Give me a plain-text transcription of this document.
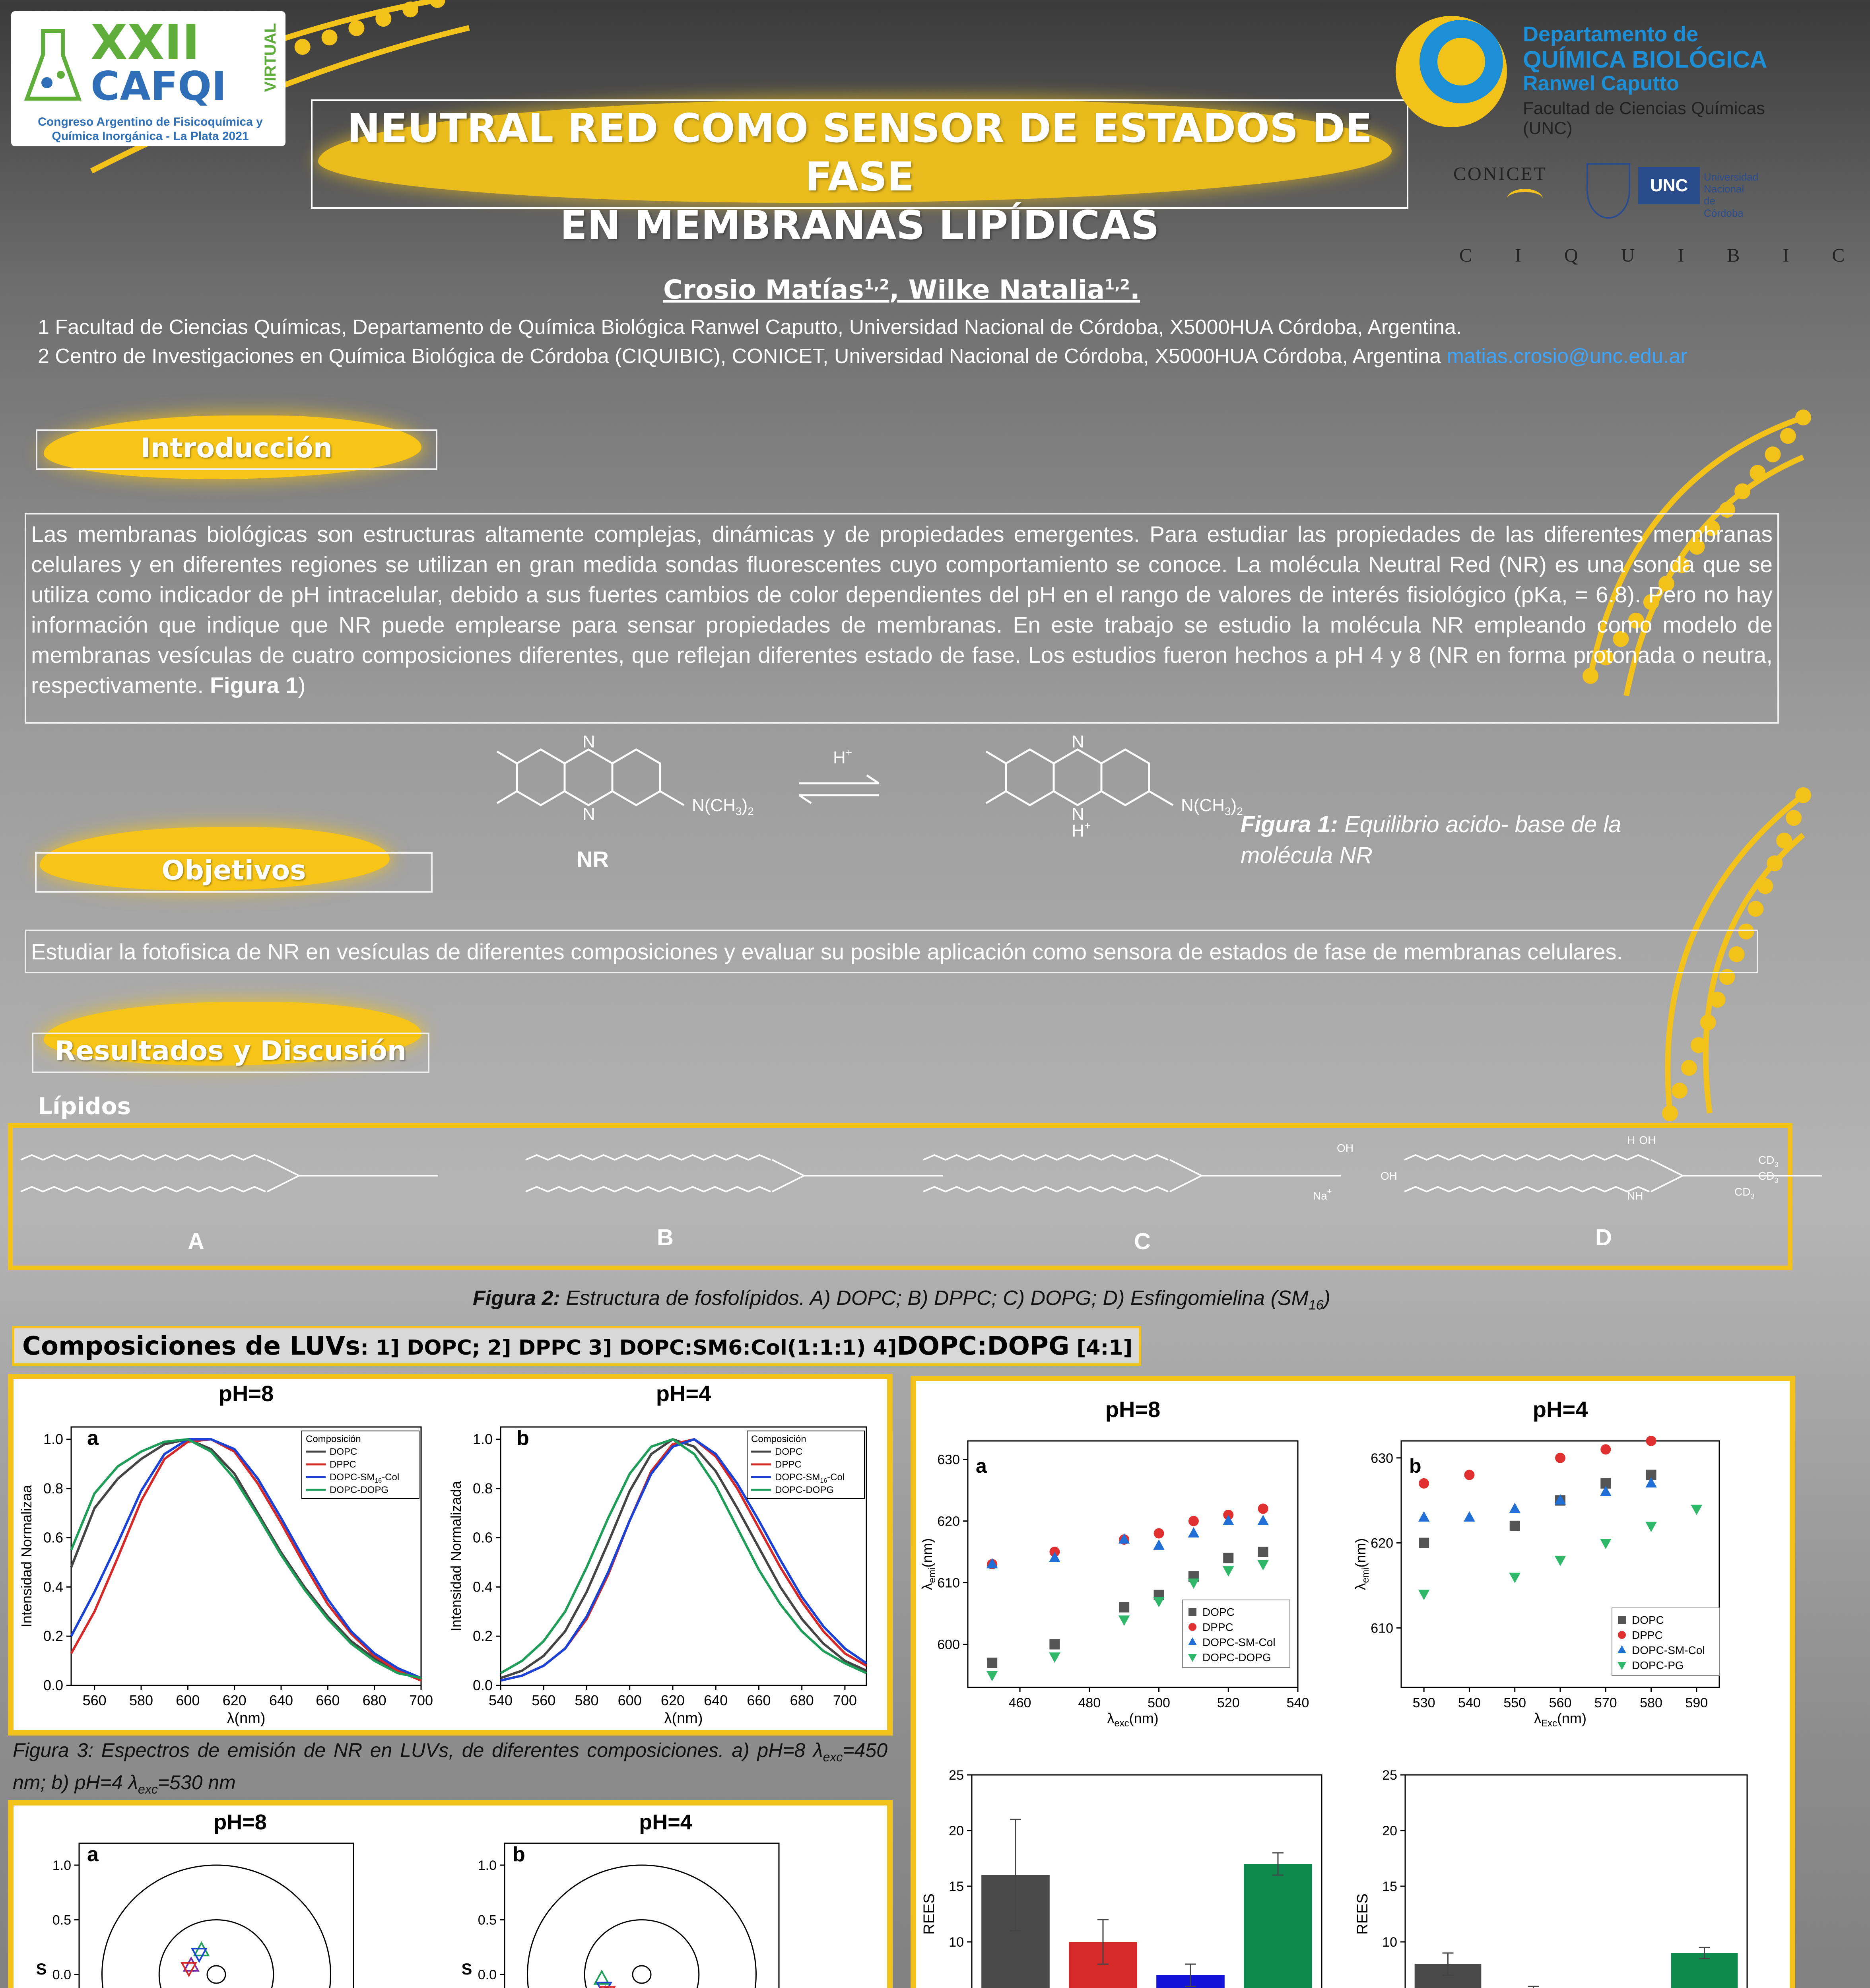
XXII
CAFQI VIRTUAL
Congreso Argentino de Fisicoquímica y
Química Inorgánica - La Plata 2021	NEUTRAL RED COMO SENSOR DE ESTADOS DE FASE
EN MEMBRANAS LIPÍDICAS
Departamento de
QUÍMICA BIOLÓGICA
Ranwel Caputto
Facultad de Ciencias Químicas (UNC)
CONICET
UNC	Universidad
Nacional
de Córdoba
C  I  Q  U  I  B  I  C
Crosio Matías$^{1,2}$, Wilke Natalia$^{1,2}$.
1 Facultad de Ciencias Químicas, Departamento de Química Biológica Ranwel Caputto, Universidad Nacional de Córdoba, X5000HUA Córdoba, Argentina.
2 Centro de Investigaciones en Química Biológica de Córdoba (CIQUIBIC), CONICET, Universidad Nacional de Córdoba, X5000HUA Córdoba, Argentina matias.crosio@unc.edu.ar
Introducción
Las membranas biológicas son estructuras altamente complejas, dinámicas y de propiedades emergentes. Para estudiar las propiedades de las diferentes membranas celulares y en diferentes regiones se utilizan en gran medida sondas fluorescentes cuyo comportamiento se conoce. La molécula Neutral Red (NR) es una sonda que se utiliza como indicador de pH intracelular, debido a sus fuertes cambios de color dependientes del pH en el rango de valores de interés fisiológico (pKa, = 6.8). Pero no hay información que indique que NR puede emplearse para sensar propiedades de membranas. En este trabajo se estudio la molécula NR empleando como modelo de membranas vesículas de cuatro composiciones diferentes, que reflejan diferentes estado de fase. Los estudios fueron hechos a pH 4 y 8 (NR en forma protonada o neutra, respectivamente. Figura 1)
N
N	$N(CH_3)_2$
H+
N
N
H+
$N(CH_3)_2$
NR
Figura 1: Equilibrio acido- base de la molécula NR
Objetivos
Estudiar la fotofisica de NR en vesículas de diferentes composiciones y evaluar su posible aplicación como sensora de estados de fase de membranas celulares.
Resultados y Discusión
Lípidos
A	B	C	D
Na+
OH
OH
H OH
NH
$CD_3$
$CD_3$
$CD_3$
Figura 2: Estructura de fosfolípidos. A) DOPC; B) DPPC; C) DOPG; D) Esfingomielina $(SM_{16})$
Composiciones de LUVs: 1] DOPC; 2] DPPC 3] DOPC:SM6:Col(1:1:1) 4]DOPC:DOPG [4:1]
560 580 600 620 640 660 680 700
0.0
0.2
0.4
0.6
0.8
1.0
pH=8
a
λ(nm)
Intensidad Normalizaa
Composición
DOPC
DPPC
DOPC-$SM_{16}$-Col
DOPC-DOPG
540 560 580 600 620 640 660 680 700
0.0
0.2
0.4
0.6
0.8
1.0
pH=4
b
λ(nm)
Intensidad Normalizada
Composición
DOPC
DPPC
DOPC-$SM_{16}$-Col
DOPC-DOPG
Figura 3: Espectros de emisión de NR en LUVs, de diferentes composiciones. a) pH=8 $\lambda_{exc}=450$ nm; b) pH=4 $\lambda_{exc}=530$ nm
0.0
0.5
1.0
pH=8
a
S	0.0
0.5
1.0
pH=4
b
S
460	480	500	520	540
600
610
620
630
pH=8
a
$\lambda_{exc}(nm)$
$\lambda_{emi}(nm)$
DOPC
DPPC
DOPC-SM-Col
DOPC-DOPG
530 540 550 560 570 580 590
610
620
630
pH=4
b
$\lambda_{Exc}(nm)$
$\lambda_{emi}(nm)$
DOPC
DPPC
DOPC-SM-Col
DOPC-PG
10
15
20
25
REES
10
15
20
25
REES
